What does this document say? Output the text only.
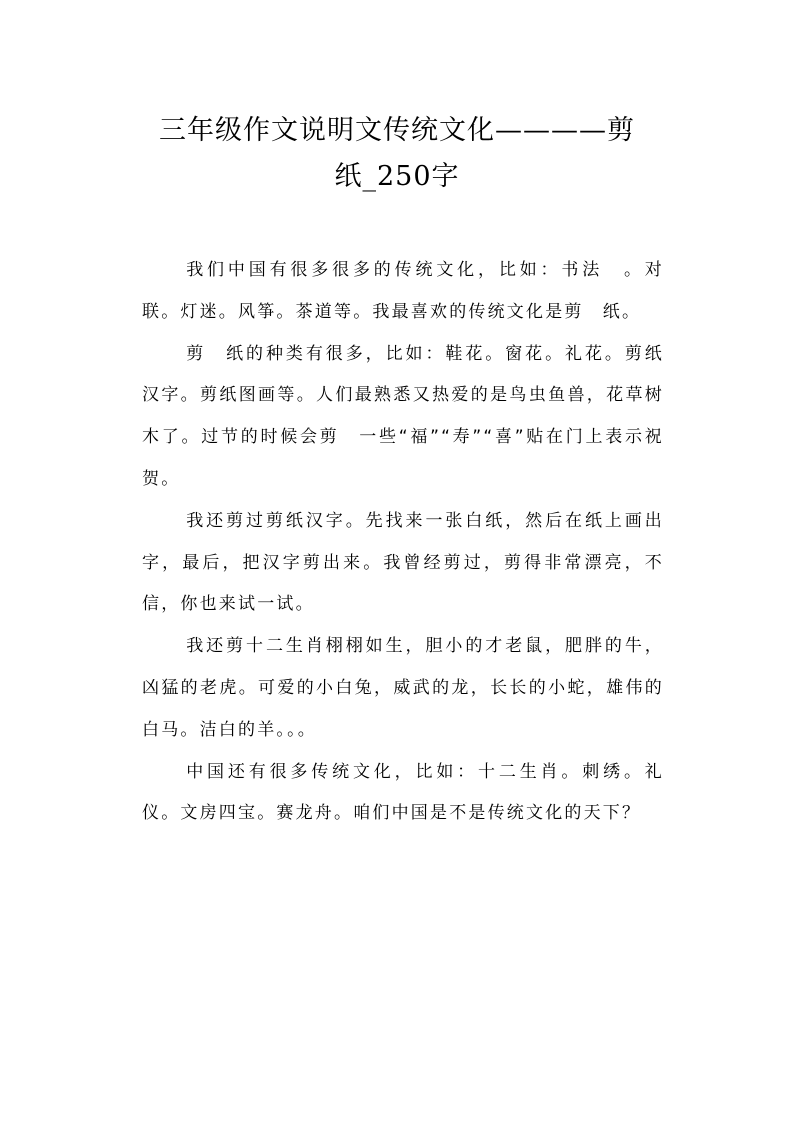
三年级作文说明文传统文化————剪
纸_250字

我们中国有很多很多的传统文化，比如：书法　。对联。灯迷。风筝。茶道等。我最喜欢的传统文化是剪　纸。

剪　纸的种类有很多，比如：鞋花。窗花。礼花。剪纸汉字。剪纸图画等。人们最熟悉又热爱的是鸟虫鱼兽，花草树木了。过节的时候会剪　一些“福”“寿”“喜”贴在门上表示祝贺。

我还剪过剪纸汉字。先找来一张白纸，然后在纸上画出字，最后，把汉字剪出来。我曾经剪过，剪得非常漂亮，不信，你也来试一试。

我还剪十二生肖栩栩如生，胆小的才老鼠，肥胖的牛，凶猛的老虎。可爱的小白兔，威武的龙，长长的小蛇，雄伟的白马。洁白的羊。。。

中国还有很多传统文化，比如：十二生肖。刺绣。礼仪。文房四宝。赛龙舟。咱们中国是不是传统文化的天下？
